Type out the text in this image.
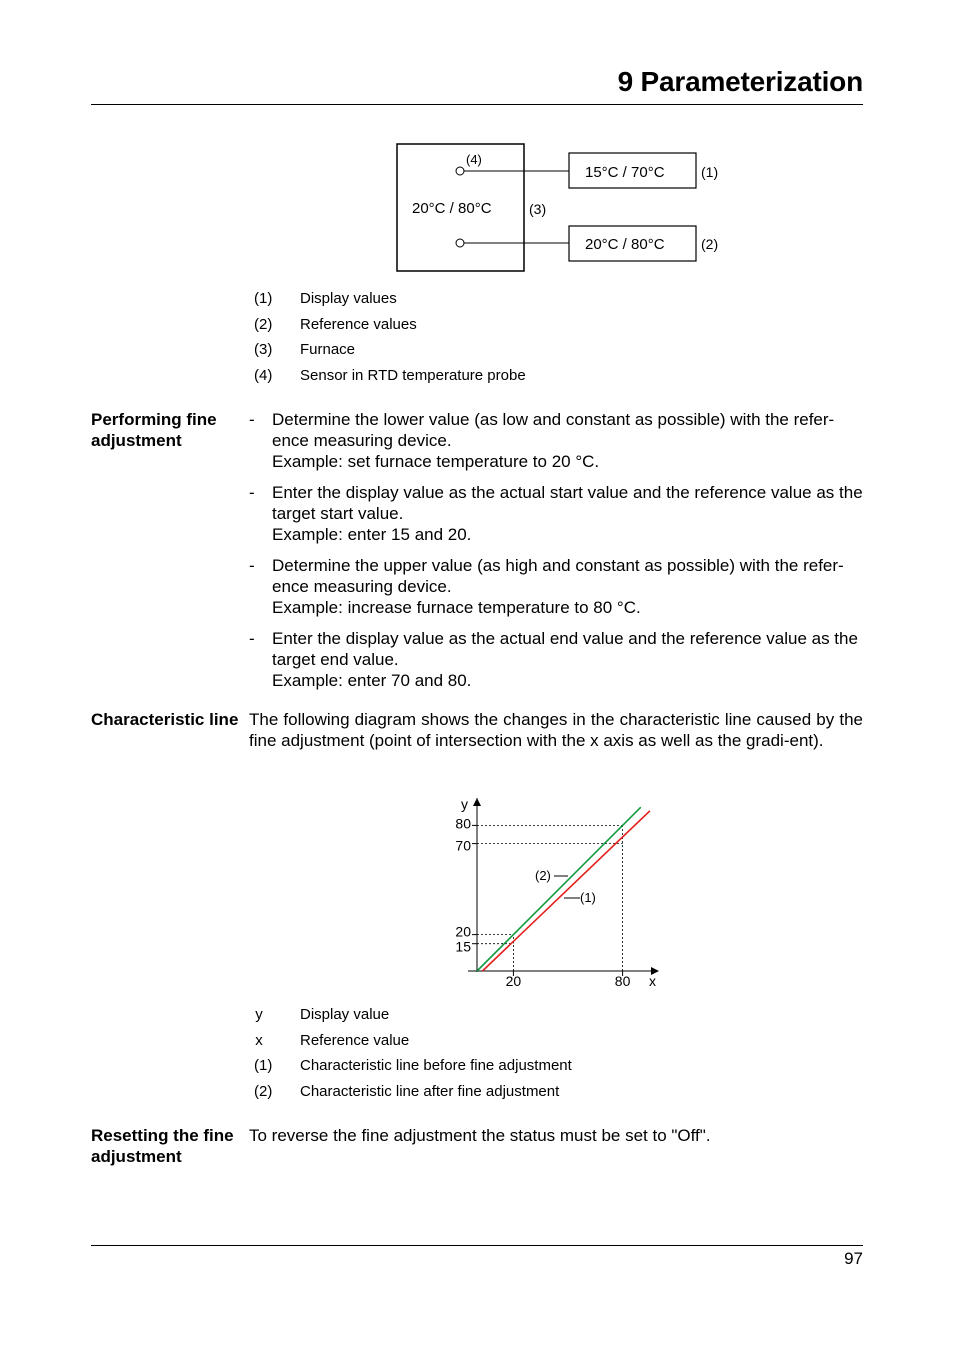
9 Parameterization
(4)
20°C / 80°C	(3)
15°C / 70°C
20°C / 80°C
(1)
(2)
(1)	Display values
(2)	Reference values
(3)	Furnace
(4)	Sensor in RTD temperature probe
Performing fine adjustment
- Determine the lower value (as low and constant as possible) with the refer-ence measuring device.
Example: set furnace temperature to 20 °C.
- Enter the display value as the actual start value and the reference value as the target start value.
Example: enter 15 and 20.
- Determine the upper value (as high and constant as possible) with the refer-ence measuring device.
Example: increase furnace temperature to 80 °C.
- Enter the display value as the actual end value and the reference value as the target end value.
Example: enter 70 and 80.
Characteristic line The following diagram shows the changes in the characteristic line caused by the fine adjustment (point of intersection with the x axis as well as the gradi-ent).
y
x
15
20
70
80
20	80
(2)
(1)
y Display value
x Reference value
(1)	Characteristic line before fine adjustment
(2)	Characteristic line after fine adjustment
Resetting the fine adjustment
To reverse the fine adjustment the status must be set to "Off".
97
